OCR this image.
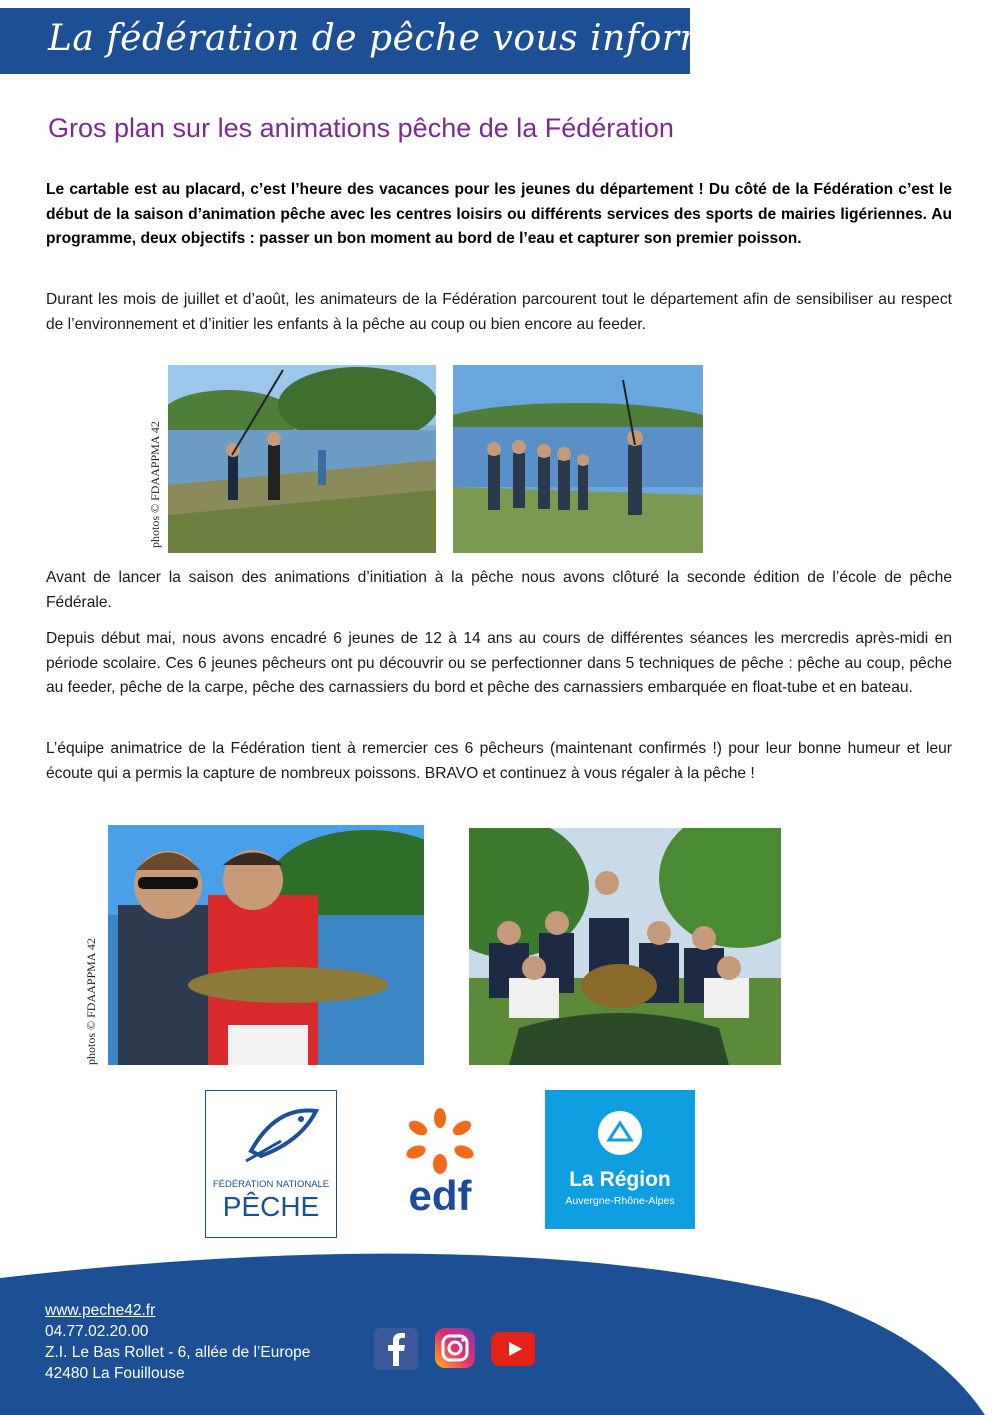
La fédération de pêche vous informe
Gros plan sur les animations pêche de la Fédération

Le cartable est au placard, c’est l’heure des vacances pour les jeunes du département ! Du côté de la Fédération c’est le début de la saison d’animation pêche avec les centres loisirs ou différents services des sports de mairies ligériennes. Au programme, deux objectifs : passer un bon moment au bord de l’eau et capturer son premier poisson.

Durant les mois de juillet et d’août, les animateurs de la Fédération parcourent tout le département afin de sensibiliser au respect de l’environnement et d’initier les enfants à la pêche au coup ou bien encore au feeder.

photos © FDAAPPMA 42

Avant de lancer la saison des animations d’initiation à la pêche nous avons clôturé la seconde édition de l’école de pêche Fédérale.

Depuis début mai, nous avons encadré 6 jeunes de 12 à 14 ans au cours de différentes séances les mercredis après-midi en période scolaire. Ces 6 jeunes pêcheurs ont pu découvrir ou se perfectionner dans 5 techniques de pêche : pêche au coup, pêche au feeder, pêche de la carpe, pêche des carnassiers du bord et pêche des carnassiers embarquée en float-tube et en bateau.

L’équipe animatrice de la Fédération tient à remercier ces 6 pêcheurs (maintenant confirmés !) pour leur bonne humeur et leur écoute qui a permis la capture de nombreux poissons. BRAVO et continuez à vous régaler à la pêche !

photos © FDAAPPMA 42
FÉDÉRATION NATIONALE
PÊCHE	edf	La Région
Auvergne-Rhône-Alpes
www.peche42.fr
04.77.02.20.00
Z.I. Le Bas Rollet - 6, allée de l’Europe
42480 La Fouillouse
